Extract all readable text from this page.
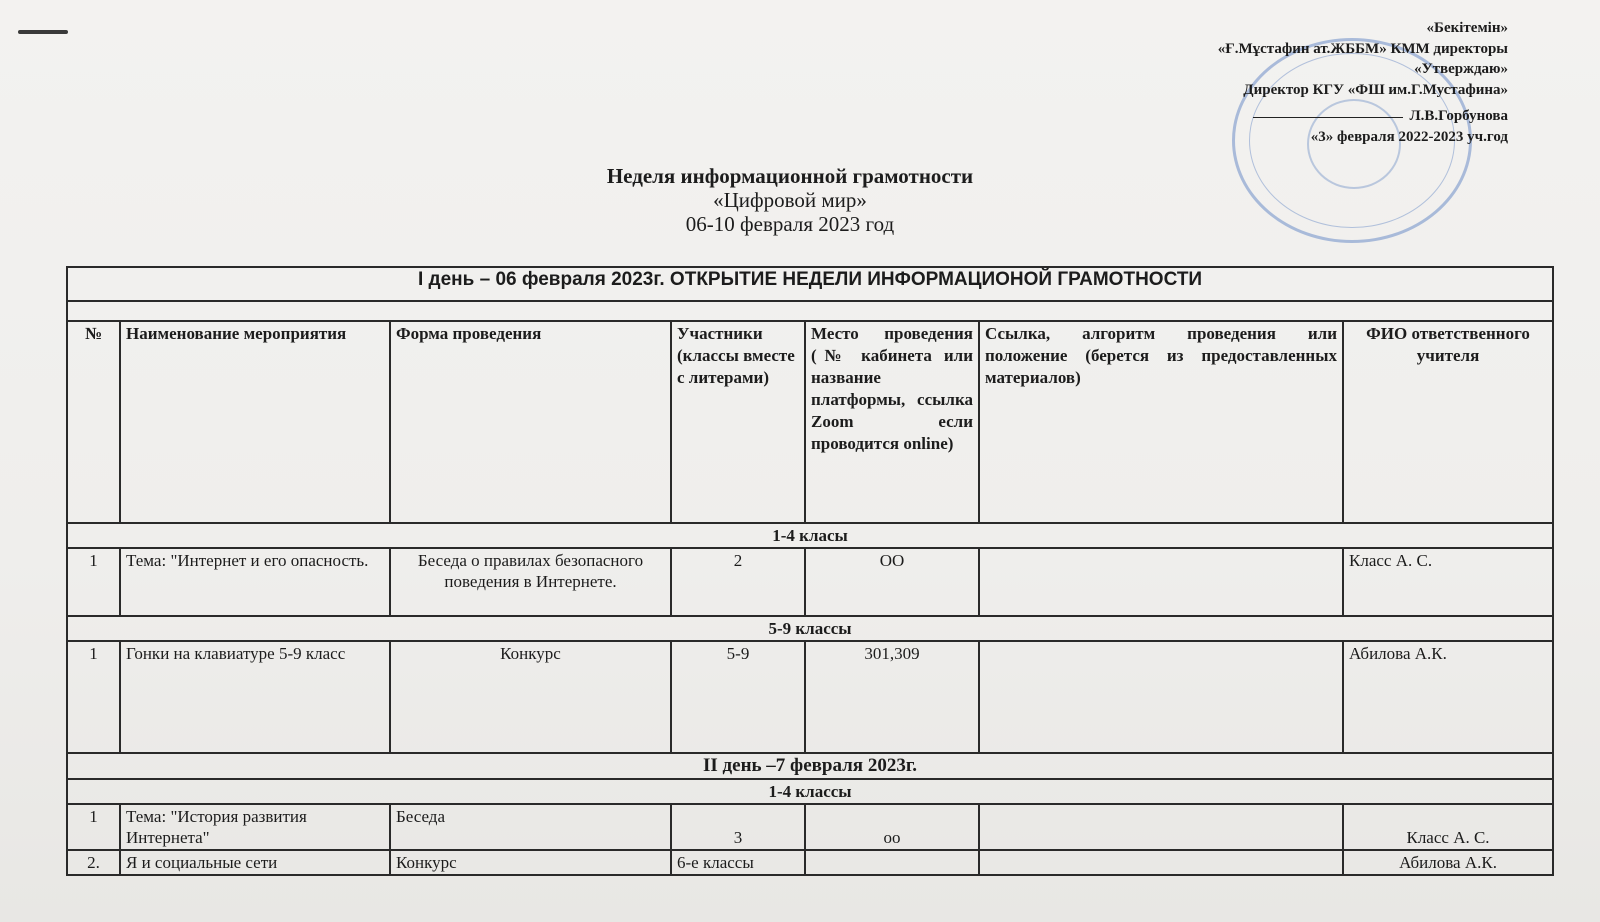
«Бекітемін»
«Ғ.Мұстафин ат.ЖББМ» КММ директоры
«Утверждаю»
Директор КГУ «ФШ им.Г.Мустафина»
Л.В.Горбунова
«3» февраля 2022-2023 уч.год
Неделя информационной грамотности
«Цифровой мир»
06-10 февраля 2023 год
I день – 06 февраля 2023г. ОТКРЫТИЕ НЕДЕЛИ ИНФОРМАЦИОНОЙ ГРАМОТНОСТИ						

№	Наименование мероприятия	Форма проведения	Участники (классы вместе с литерами)	Место проведения (№ кабинета или название платформы, ссылка Zoom если проводится online)	Ссылка, алгоритм проведения или положение (берется из предоставленных материалов)	ФИО ответственного учителя
1-4 класы						
1	Тема: "Интернет и его опасность.	Беседа о правилах безопасного поведения в Интернете.	2	ОО		Класс А. С.
5-9 классы						
1	Гонки на клавиатуре 5-9 класс	Конкурс	5-9	301,309		Абилова А.К.
II день –7 февраля 2023г.						
1-4 классы						
1	Тема: "История развития Интернета"	Беседа	3	оо		Класс А. С.
2.	Я и социальные сети	Конкурс	6-е классы			Абилова А.К.
